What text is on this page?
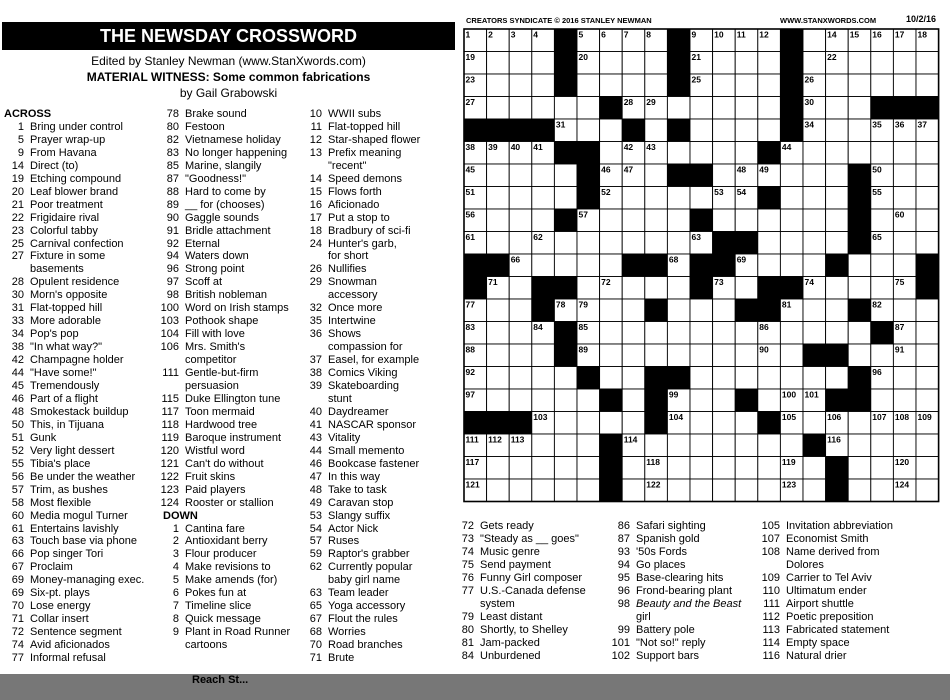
THE NEWSDAY CROSSWORD
Edited by Stanley Newman (www.StanXwords.com)
MATERIAL WITNESS: Some common fabrications
by Gail Grabowski
CREATORS SYNDICATE © 2016 STANLEY NEWMAN	WWW.STANXWORDS.COM	10/2/16
1 2 3 4	5 6 7 8	9 10 11 12	14 15 16 17 18
19	20	21	22
23	25	26
27	28 29	30
31	34	35 36 37
38 39 40 41	42 43	44
45	46 47	48 49	50
51	52	53 54	55
56	57	60
61	62	63	65
66	68	69
71	72	73	74	75
77	78 79	81	82
83	84	85	86	87
88	89	90	91
92	96
97	99	100 101
103	104	105	106	107 108 109
111 112 113	114	116
117	118	119	120
121	122	123	124
ACROSS
1 Bring under control
5 Prayer wrap-up
9 From Havana
14 Direct (to)
19 Etching compound
20 Leaf blower brand
21 Poor treatment
22 Frigidaire rival
23 Colorful tabby
25 Carnival confection
27 Fixture in some
basements
28 Opulent residence
30 Morn's opposite
31 Flat-topped hill
33 More adorable
34 Pop's pop
38 "In what way?"
42 Champagne holder
44 "Have some!"
45 Tremendously
46 Part of a flight
48 Smokestack buildup
50 This, in Tijuana
51 Gunk
52 Very light dessert
55 Tibia's place
56 Be under the weather
57 Trim, as bushes
58 Most flexible
60 Media mogul Turner
61 Entertains lavishly
63 Touch base via phone
66 Pop singer Tori
67 Proclaim
69 Money-managing exec.
69 Six-pt. plays
70 Lose energy
71 Collar insert
72 Sentence segment
74 Avid aficionados
77 Informal refusal
78 Brake sound
80 Festoon
82 Vietnamese holiday
83 No longer happening
85 Marine, slangily
87 "Goodness!"
88 Hard to come by
89 __ for (chooses)
90 Gaggle sounds
91 Bridle attachment
92 Eternal
94 Waters down
96 Strong point
97 Scoff at
98 British nobleman
100 Word on Irish stamps
103 Pothook shape
104 Fill with love
106 Mrs. Smith's
competitor
111 Gentle-but-firm
persuasion
115 Duke Ellington tune
117 Toon mermaid
118 Hardwood tree
119 Baroque instrument
120 Wistful word
121 Can't do without
122 Fruit skins
123 Paid players
124 Rooster or stallion
DOWN
1 Cantina fare
2 Antioxidant berry
3 Flour producer
4 Make revisions to
5 Make amends (for)
6 Pokes fun at
7 Timeline slice
8 Quick message
9 Plant in Road Runner
cartoons
10 WWII subs
11 Flat-topped hill
12 Star-shaped flower
13 Prefix meaning
"recent"
14 Speed demons
15 Flows forth
16 Aficionado
17 Put a stop to
18 Bradbury of sci-fi
24 Hunter's garb,
for short
26 Nullifies
29 Snowman
accessory
32 Once more
35 Intertwine
36 Shows
compassion for
37 Easel, for example
38 Comics Viking
39 Skateboarding
stunt
40 Daydreamer
41 NASCAR sponsor
43 Vitality
44 Small memento
46 Bookcase fastener
47 In this way
48 Take to task
49 Caravan stop
53 Slangy suffix
54 Actor Nick
57 Ruses
59 Raptor's grabber
62 Currently popular
baby girl name
63 Team leader
65 Yoga accessory
67 Flout the rules
68 Worries
70 Road branches
71 Brute
72 Gets ready
73 "Steady as __ goes"
74 Music genre
75 Send payment
76 Funny Girl composer
77 U.S.-Canada defense
system
79 Least distant
80 Shortly, to Shelley
81 Jam-packed
84 Unburdened
86 Safari sighting
87 Spanish gold
93 '50s Fords
94 Go places
95 Base-clearing hits
96 Frond-bearing plant
98 Beauty and the Beast
girl
99 Battery pole
101 "Not so!" reply
102 Support bars
105 Invitation abbreviation
107 Economist Smith
108 Name derived from
Dolores
109 Carrier to Tel Aviv
110 Ultimatum ender
111 Airport shuttle
112 Poetic preposition
113 Fabricated statement
114 Empty space
116 Natural drier
Reach St...
